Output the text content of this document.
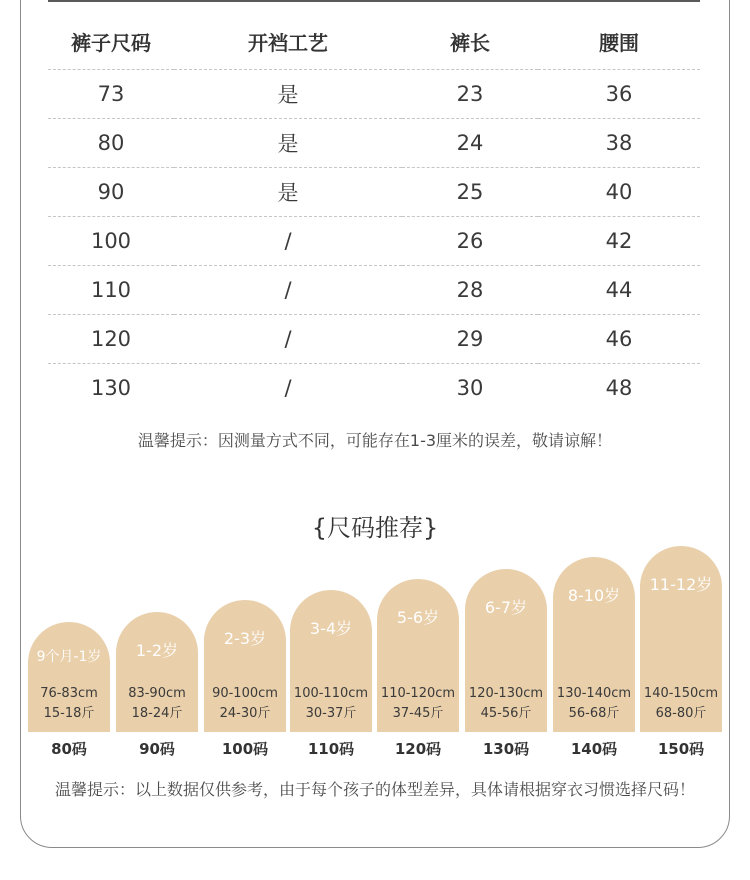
裤子尺码	开裆工艺	裤长	腰围
73	是	23	36
80	是	24	38
90	是	25	40
100	/	26	42
110	/	28	44
120	/	29	46
130	/	30	48
温馨提示：因测量方式不同，可能存在1-3厘米的误差，敬请谅解！
{尺码推荐}
9个月-1岁
76-83cm
15-18斤
80码
1-2岁
83-90cm
18-24斤
90码
2-3岁
90-100cm
24-30斤
100码
3-4岁
100-110cm
30-37斤
110码
5-6岁
110-120cm
37-45斤
120码
6-7岁
120-130cm
45-56斤
130码
8-10岁
130-140cm
56-68斤
140码
11-12岁
140-150cm
68-80斤
150码
温馨提示：以上数据仅供参考，由于每个孩子的体型差异，具体请根据穿衣习惯选择尺码！
